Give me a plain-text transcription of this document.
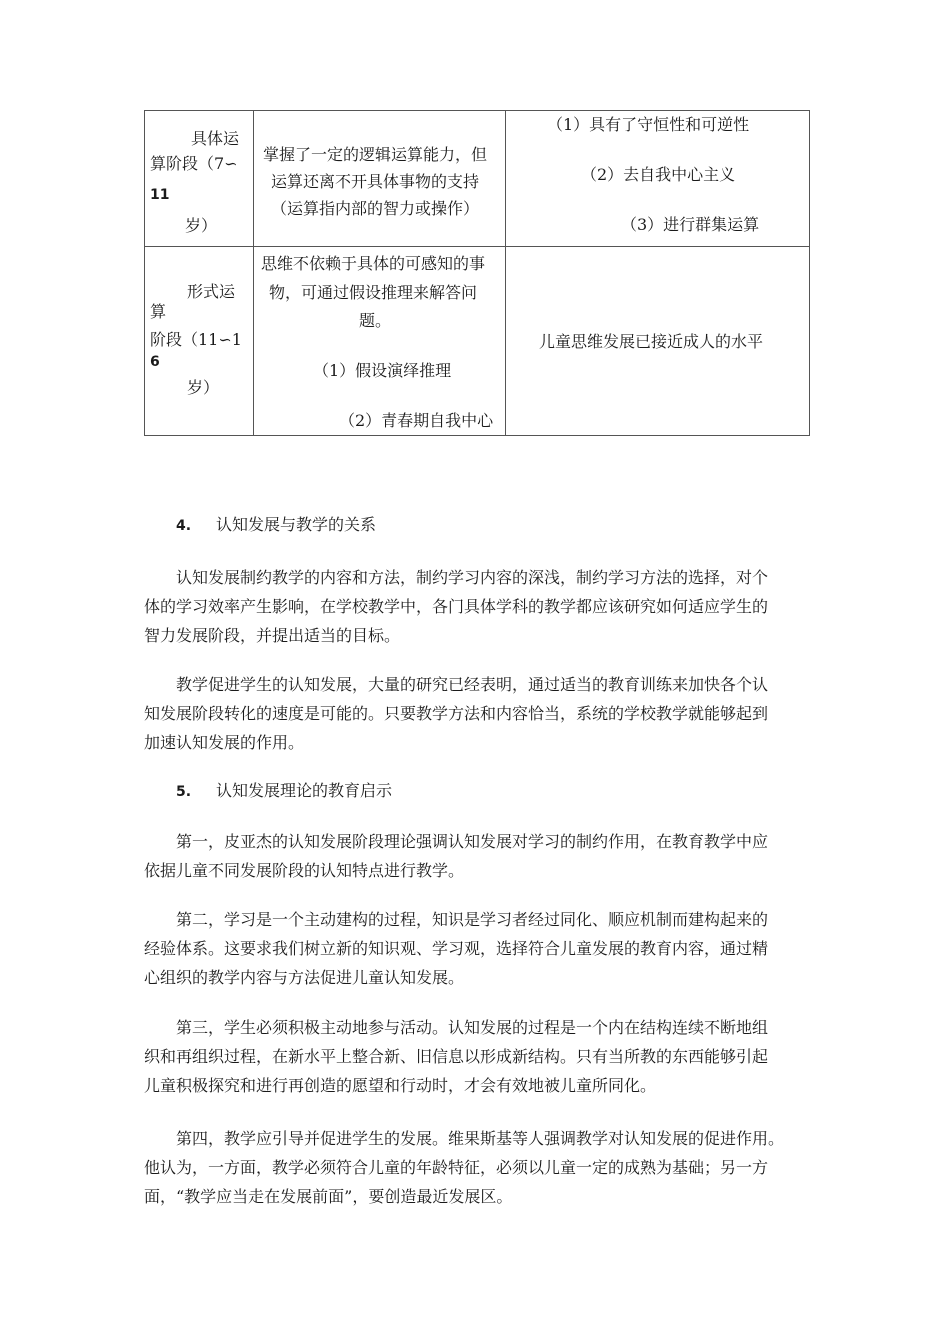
具体运
算阶段（7∽
11
岁）
掌握了一定的逻辑运算能力，但
运算还离不开具体事物的支持
（运算指内部的智力或操作）
（1）具有了守恒性和可逆性
（2）去自我中心主义
（3）进行群集运算
形式运
算
阶段（11∽1
6
岁）
思维不依赖于具体的可感知的事
物，可通过假设推理来解答问
题。
（1）假设演绎推理
（2）青春期自我中心
儿童思维发展已接近成人的水平
4. 认知发展与教学的关系
认知发展制约教学的内容和方法，制约学习内容的深浅，制约学习方法的选择，对个
体的学习效率产生影响，在学校教学中，各门具体学科的教学都应该研究如何适应学生的
智力发展阶段，并提出适当的目标。
教学促进学生的认知发展，大量的研究已经表明，通过适当的教育训练来加快各个认
知发展阶段转化的速度是可能的。只要教学方法和内容恰当，系统的学校教学就能够起到
加速认知发展的作用。
5. 认知发展理论的教育启示
第一，皮亚杰的认知发展阶段理论强调认知发展对学习的制约作用，在教育教学中应
依据儿童不同发展阶段的认知特点进行教学。
第二，学习是一个主动建构的过程，知识是学习者经过同化、顺应机制而建构起来的
经验体系。这要求我们树立新的知识观、学习观，选择符合儿童发展的教育内容，通过精
心组织的教学内容与方法促进儿童认知发展。
第三，学生必须积极主动地参与活动。认知发展的过程是一个内在结构连续不断地组
织和再组织过程，在新水平上整合新、旧信息以形成新结构。只有当所教的东西能够引起
儿童积极探究和进行再创造的愿望和行动时，才会有效地被儿童所同化。
第四，教学应引导并促进学生的发展。维果斯基等人强调教学对认知发展的促进作用。
他认为，一方面，教学必须符合儿童的年龄特征，必须以儿童一定的成熟为基础；另一方
面，“教学应当走在发展前面”，要创造最近发展区。
